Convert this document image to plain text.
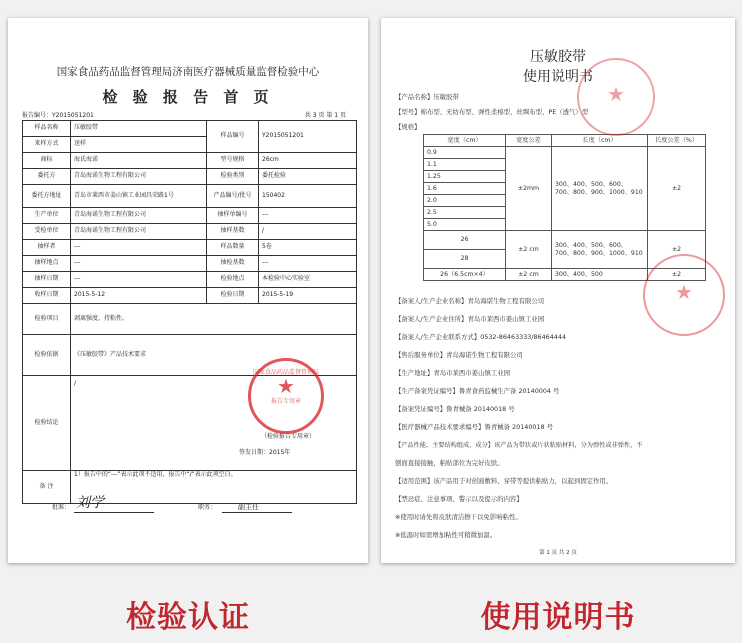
国家食品药品监督管理局济南医疗器械质量监督检验中心
检 验 报 告 首 页
报告编号：Y2015051201	共 3 页 第 1 页
样品名称	压敏胶带	样品编号	Y2015051201
来样方式	送样		
商标	海氏海诺	型号规格	26cm
委托方	青岛海诺生物工程有限公司	检验类别	委托检验
委托方地址	青岛市莱西市姜山镇工业园昌荣路1号	产品编号/批号	150402
生产单位	青岛海诺生物工程有限公司	抽样单编号	---
受检单位	青岛海诺生物工程有限公司	抽样基数	/
抽样者	---	样品数量	5卷
抽样地点	---	抽检基数	---
抽样日期	---	检验地点	本检验中心实验室
收样日期	2015-5-12	检验日期	2015-5-19
检验项目	剥离强度、持粘性。		
检验依据	《压敏胶带》产品技术要求		
检验结论	/
（检验报告专用章）
签发日期：2015年		

备 注	1）报告中的“---”表示此项不适用，报告中“/”表示此项空白。		
国家食品药品监督管理局
★
报告专用章
批准： 刘学	职务：	副主任
压敏胶带
使用说明书
【产品名称】压敏胶带
【型号】棉布型、无纺布型、弹性柔棉型、丝绸布型、PE（透气）型
【规格】
宽度（cm）	宽度公差	长度（cm）	长度公差（%）
0.9	±2mm	300、400、500、600、700、800、900、1000、910	±2
1.1			
1.25			
1.6			
2.0			
2.5			
5.0			
26	±2 cm	300、400、500、600、700、800、900、1000、910	±2
28			
26（6.5cm×4）	±2 cm	300、400、500	±2
【备案人/生产企业名称】青岛海诺生物工程有限公司
【备案人/生产企业住所】青岛市莱西市姜山镇工业园
【备案人/生产企业联系方式】0532-86463333/86464444
【售后服务单位】青岛海诺生物工程有限公司
【生产地址】青岛市莱西市姜山镇工业园
【生产备案凭证编号】鲁青食药监械生产备 20140004 号
【备案凭证编号】鲁青械备 20140018 号
【医疗器械产品技术要求编号】鲁青械备 20140018 号
【产品性能、主要结构组成、成分】该产品为带状或片状粘贴材料，分为弹性或非弹性，不
刨面直接接触，粘贴部位为完好皮肤。
【适用范围】该产品用于对创面敷料、穿带等提供粘贴力，以起到固定作用。
【禁忌症、注意事项、警示以及提示的内容】
※使用时请先将皮肤清洁擦干以免影响粘性。
※低温时如需增加粘性可稍微加温。
第 1 页 共 2 页
★
★
检验认证	使用说明书
